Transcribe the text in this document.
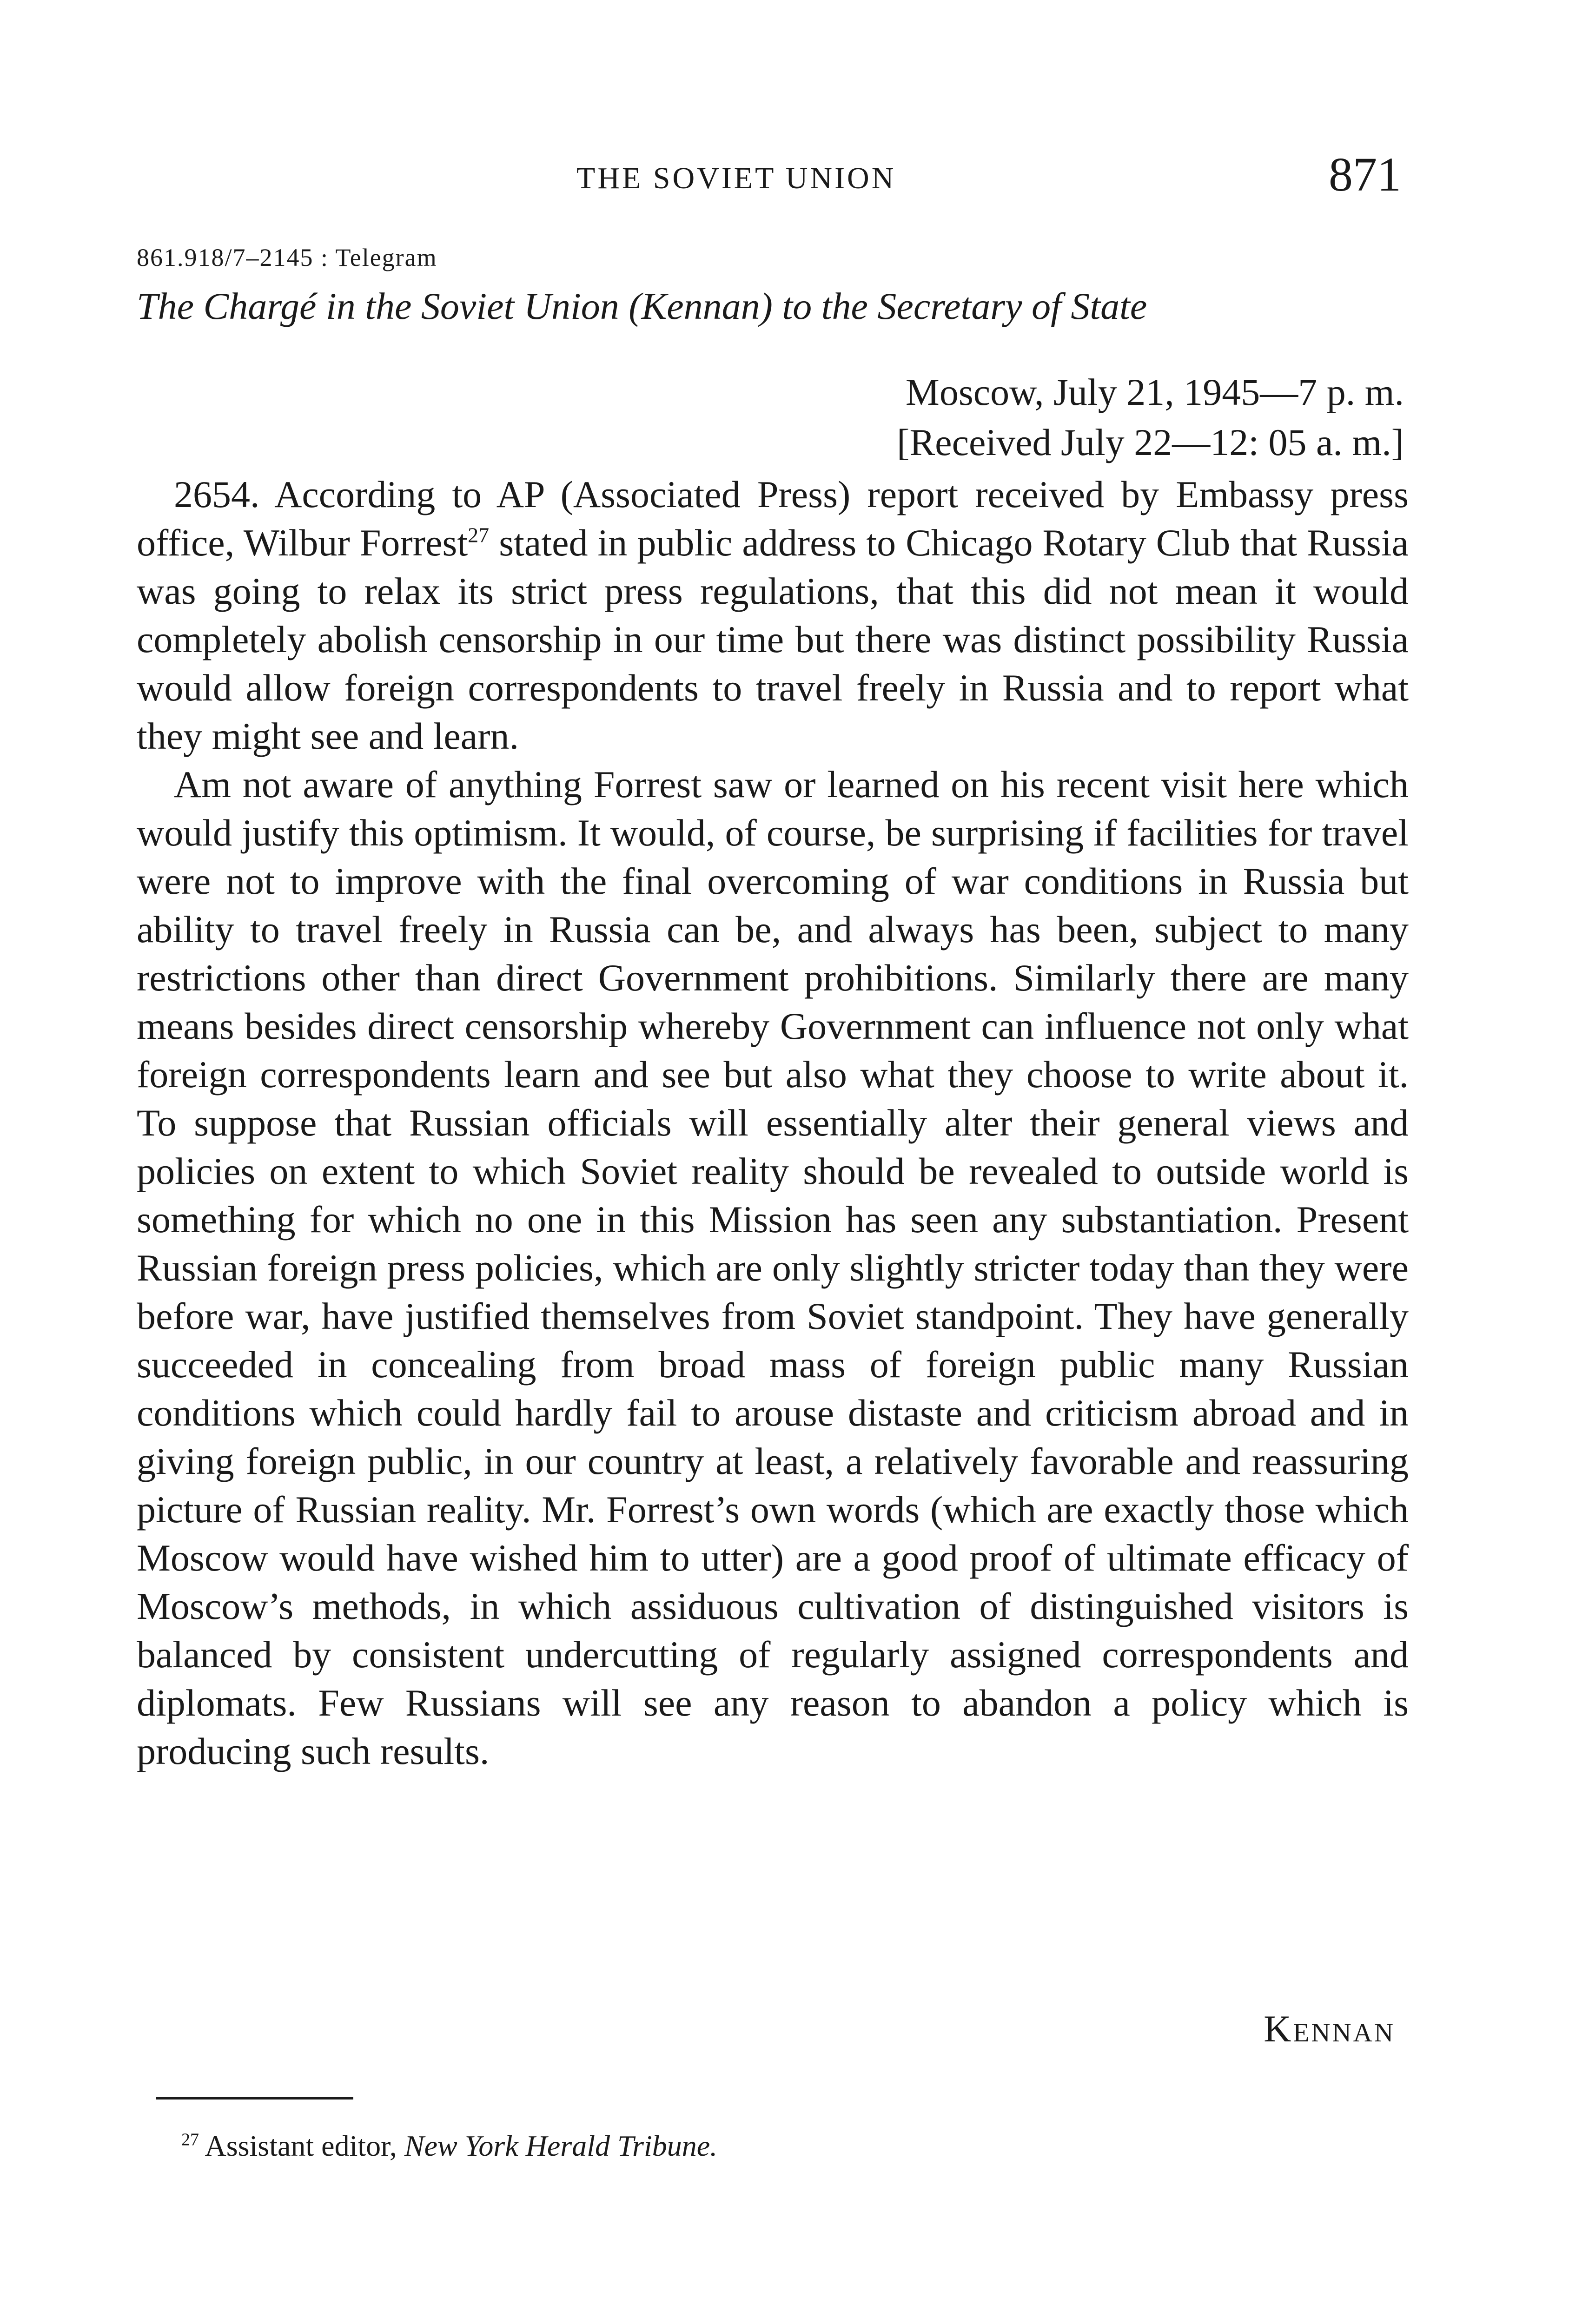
THE SOVIET UNION	871
861.918/7–2145 : Telegram
The Chargé in the Soviet Union (Kennan) to the Secretary of State
Moscow, July 21, 1945—7 p. m.
[Received July 22—12: 05 a. m.]

2654. According to AP (Associated Press) report received by Embassy press office, Wilbur Forrest$^{27}$ stated in public address to Chicago Rotary Club that Russia was going to relax its strict press regulations, that this did not mean it would completely abolish censorship in our time but there was distinct possibility Russia would allow foreign correspondents to travel freely in Russia and to report what they might see and learn.

Am not aware of anything Forrest saw or learned on his recent visit here which would justify this optimism. It would, of course, be surprising if facilities for travel were not to improve with the final overcoming of war conditions in Russia but ability to travel freely in Russia can be, and always has been, subject to many restrictions other than direct Government prohibitions. Similarly there are many means besides direct censorship whereby Government can influence not only what foreign correspondents learn and see but also what they choose to write about it. To suppose that Russian officials will essentially alter their general views and policies on extent to which Soviet reality should be revealed to outside world is something for which no one in this Mission has seen any substantiation. Present Russian foreign press policies, which are only slightly stricter today than they were before war, have justified themselves from Soviet standpoint. They have generally succeeded in concealing from broad mass of foreign public many Russian conditions which could hardly fail to arouse distaste and criticism abroad and in giving foreign public, in our country at least, a relatively favorable and reassuring picture of Russian reality. Mr. Forrest’s own words (which are exactly those which Moscow would have wished him to utter) are a good proof of ultimate efficacy of Moscow’s methods, in which assiduous cultivation of distinguished visitors is balanced by consistent undercutting of regularly assigned correspondents and diplomats. Few Russians will see any reason to abandon a policy which is producing such results.

Kennan
$^{27}$ Assistant editor, New York Herald Tribune.
